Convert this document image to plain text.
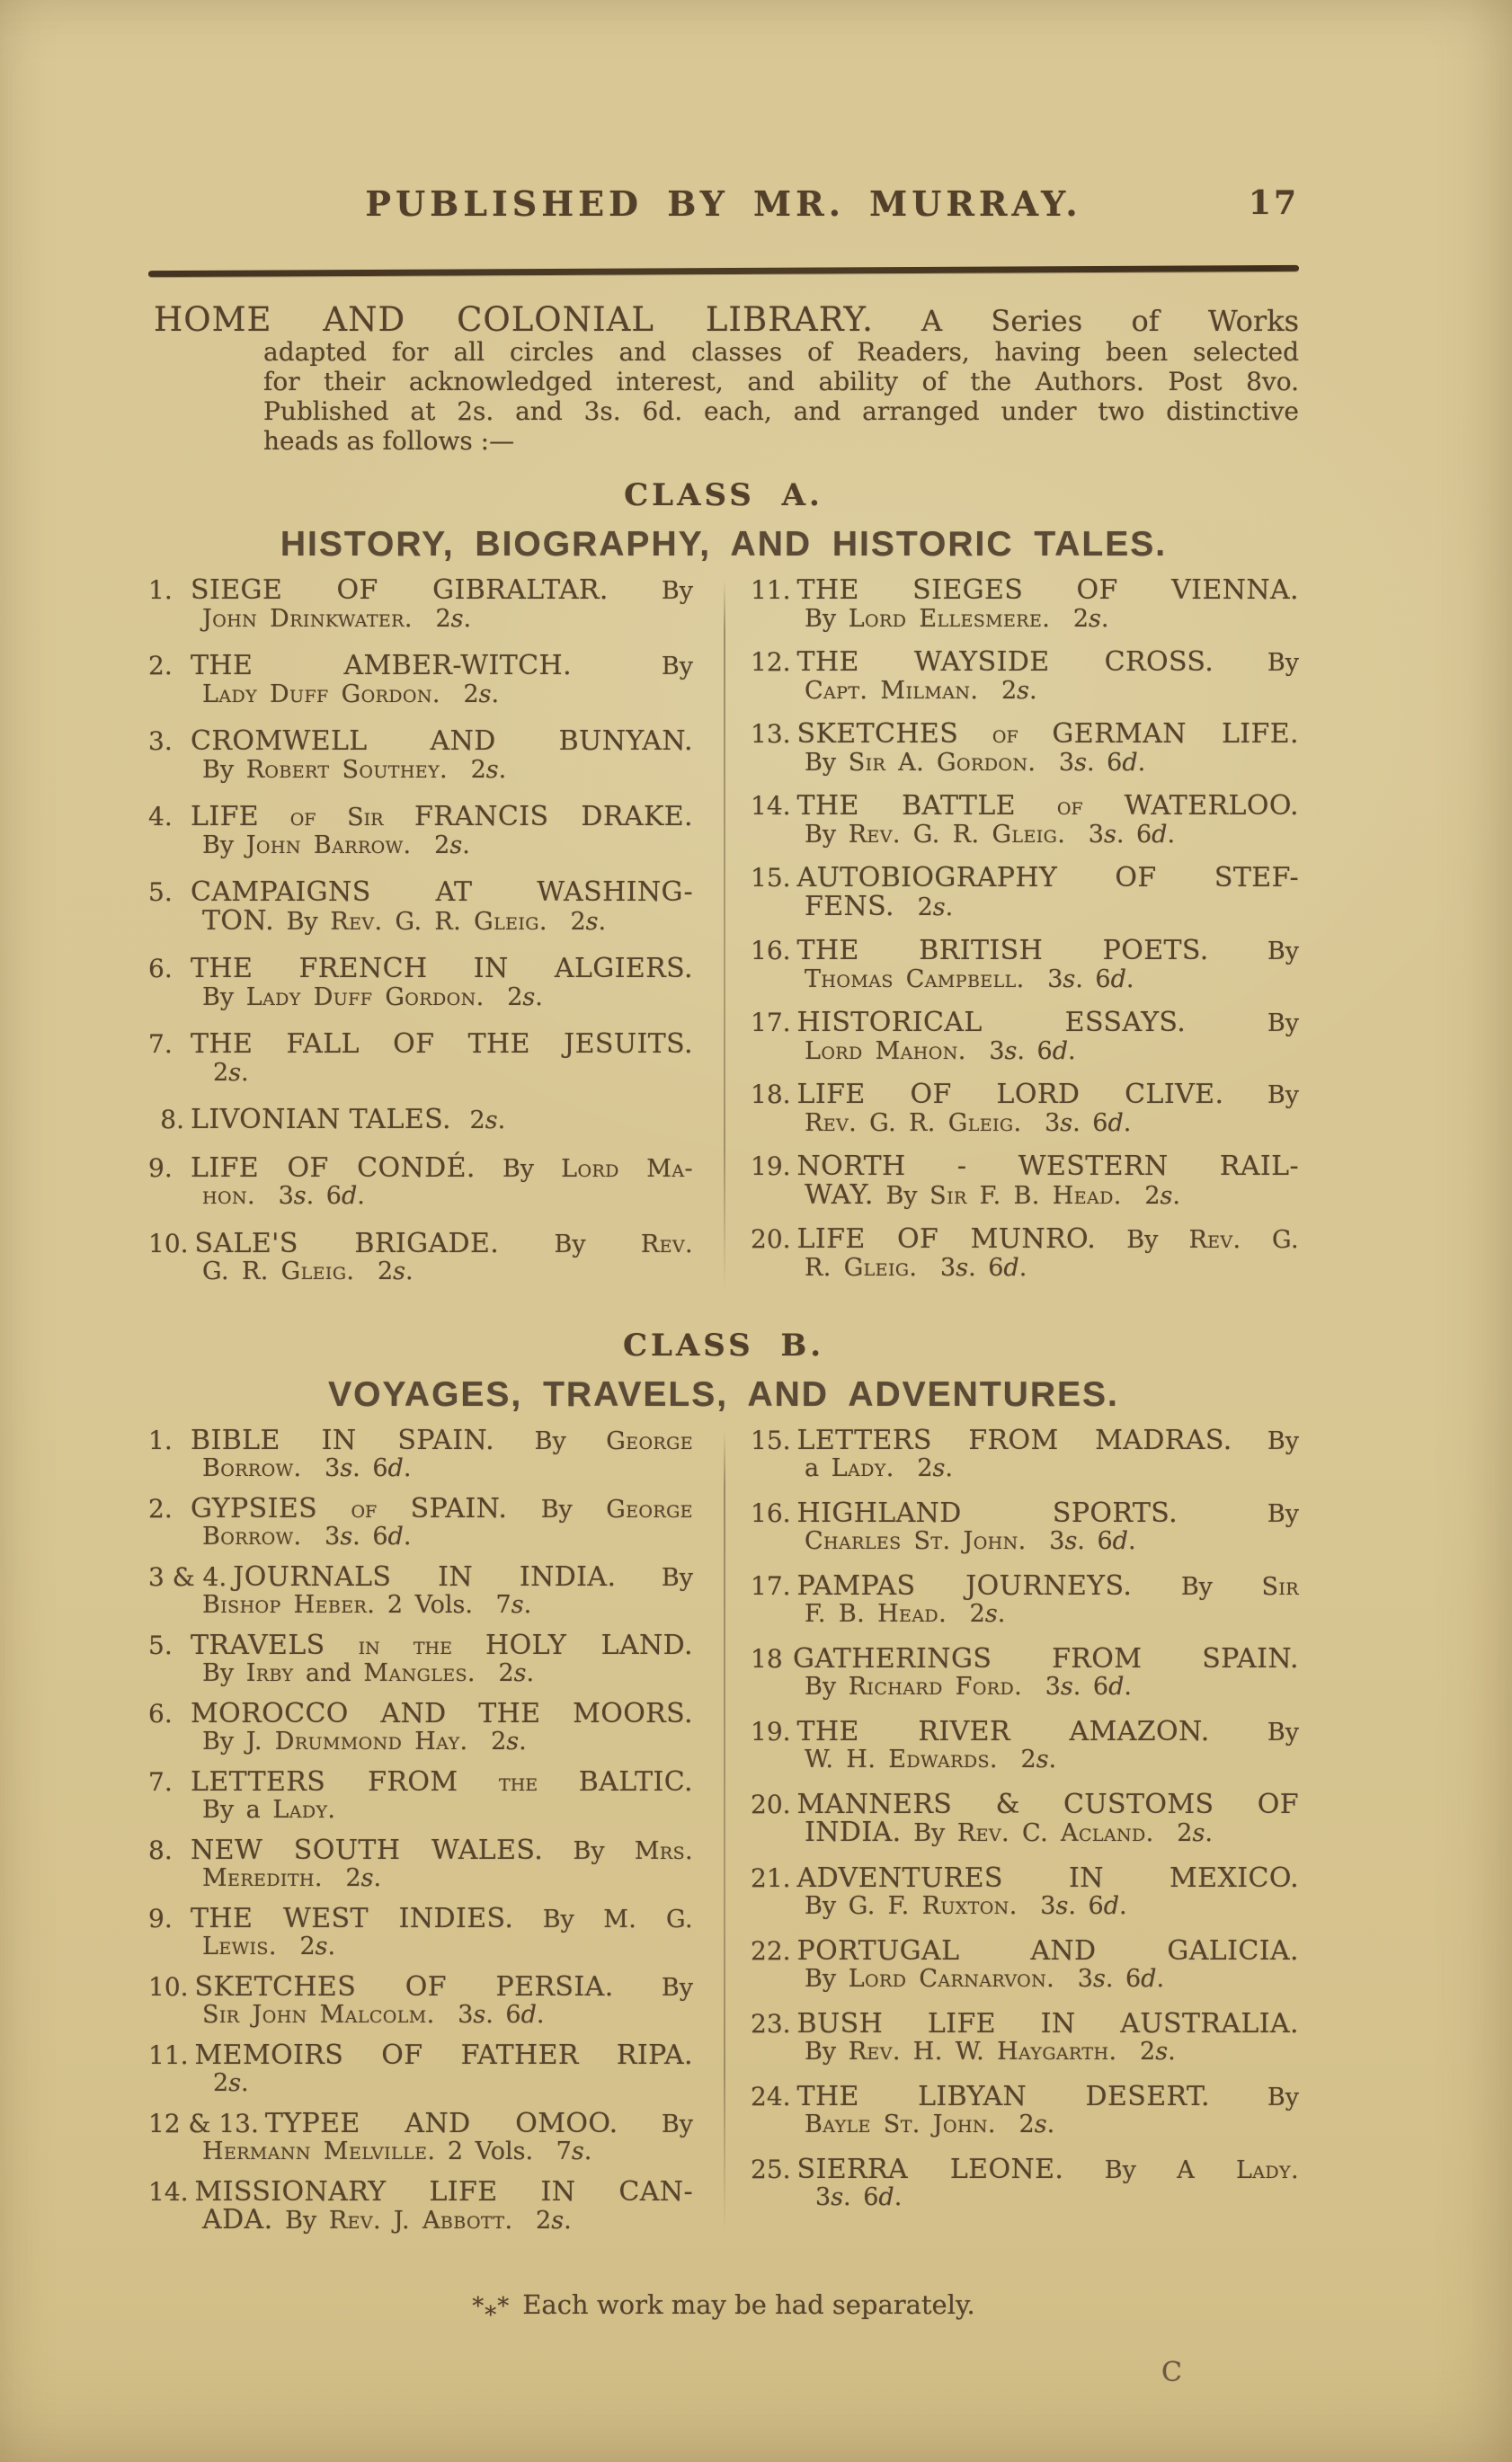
PUBLISHED BY MR. MURRAY.	17
HOME AND COLONIAL LIBRARY. A Series of Works
adapted for all circles and classes of Readers, having been selected
for their acknowledged interest, and ability of the Authors. Post 8vo.
Published at 2s. and 3s. 6d. each, and arranged under two distinctive
heads as follows :—
CLASS A.
HISTORY, BIOGRAPHY, AND HISTORIC TALES.
1. SIEGE OF GIBRALTAR. By
John Drinkwater. 2s.
2. THE AMBER-WITCH.	By
Lady Duff Gordon. 2s.
3. CROMWELL AND BUNYAN.
By Robert Southey. 2s.
4. LIFE of Sir FRANCIS DRAKE.
By John Barrow. 2s.
5. CAMPAIGNS AT WASHING-
TON. By Rev. G. R. Gleig. 2s.
6. THE FRENCH IN ALGIERS.
By Lady Duff Gordon. 2s.
7. THE FALL OF THE JESUITS.
2s.
8. LIVONIAN TALES. 2s.
9. LIFE OF CONDÉ. By Lord Ma-
hon. 3s. 6d.
10. SALE'S BRIGADE. By Rev.
G. R. Gleig. 2s.
11. THE SIEGES OF VIENNA.
By Lord Ellesmere. 2s.
12. THE WAYSIDE CROSS. By
Capt. Milman. 2s.
13. SKETCHES of GERMAN LIFE.
By Sir A. Gordon. 3s. 6d.
14. THE BATTLE of WATERLOO.
By Rev. G. R. Gleig. 3s. 6d.
15. AUTOBIOGRAPHY OF STEF-
FENS. 2s.
16. THE BRITISH POETS. By
Thomas Campbell. 3s. 6d.
17. HISTORICAL ESSAYS.	By
Lord Mahon. 3s. 6d.
18. LIFE OF LORD CLIVE. By
Rev. G. R. Gleig. 3s. 6d.
19. NORTH - WESTERN RAIL-
WAY. By Sir F. B. Head. 2s.
20. LIFE OF MUNRO. By Rev. G.
R. Gleig. 3s. 6d.
CLASS B.
VOYAGES, TRAVELS, AND ADVENTURES.
1. BIBLE IN SPAIN. By George
Borrow. 3s. 6d.
2. GYPSIES of SPAIN. By George
Borrow. 3s. 6d.
3 & 4. JOURNALS IN INDIA. By
Bishop Heber. 2 Vols. 7s.
5. TRAVELS in the HOLY LAND.
By Irby and Mangles. 2s.
6. MOROCCO AND THE MOORS.
By J. Drummond Hay. 2s.
7. LETTERS FROM the BALTIC.
By a Lady.
8. NEW SOUTH WALES. By Mrs.
Meredith. 2s.
9. THE WEST INDIES. By M. G.
Lewis. 2s.
10. SKETCHES OF PERSIA. By
Sir John Malcolm. 3s. 6d.
11. MEMOIRS OF FATHER RIPA.
2s.
12 & 13. TYPEE AND OMOO. By
Hermann Melville. 2 Vols. 7s.
14. MISSIONARY LIFE IN CAN-
ADA. By Rev. J. Abbott. 2s.
15. LETTERS FROM MADRAS. By
a Lady. 2s.
16. HIGHLAND SPORTS.	By
Charles St. John. 3s. 6d.
17. PAMPAS JOURNEYS. By Sir
F. B. Head. 2s.
18 GATHERINGS FROM SPAIN.
By Richard Ford. 3s. 6d.
19. THE RIVER AMAZON. By
W. H. Edwards. 2s.
20. MANNERS & CUSTOMS OF
INDIA. By Rev. C. Acland. 2s.
21. ADVENTURES IN MEXICO.
By G. F. Ruxton. 3s. 6d.
22. PORTUGAL AND GALICIA.
By Lord Carnarvon. 3s. 6d.
23. BUSH LIFE IN AUSTRALIA.
By Rev. H. W. Haygarth. 2s.
24. THE LIBYAN DESERT. By
Bayle St. John. 2s.
25. SIERRA LEONE. By A Lady.
3s. 6d.
*** Each work may be had separately.
C
